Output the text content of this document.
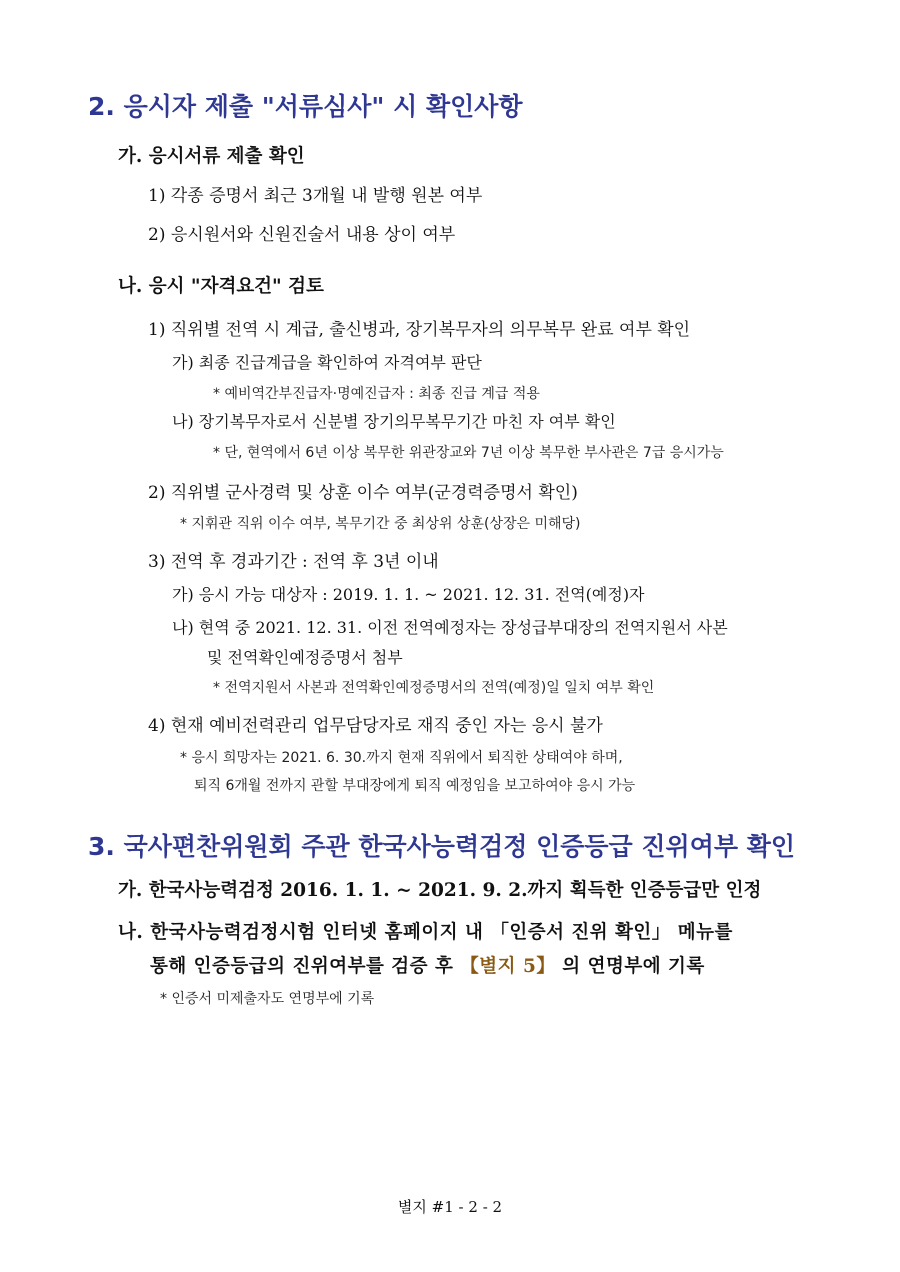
2. 응시자 제출 "서류심사" 시 확인사항
가. 응시서류 제출 확인
1) 각종 증명서 최근 3개월 내 발행 원본 여부
2) 응시원서와 신원진술서 내용 상이 여부
나. 응시 "자격요건" 검토
1) 직위별 전역 시 계급, 출신병과, 장기복무자의 의무복무 완료 여부 확인
가) 최종 진급계급을 확인하여 자격여부 판단
* 예비역간부진급자·명예진급자 : 최종 진급 계급 적용
나) 장기복무자로서 신분별 장기의무복무기간 마친 자 여부 확인
* 단, 현역에서 6년 이상 복무한 위관장교와 7년 이상 복무한 부사관은 7급 응시가능
2) 직위별 군사경력 및 상훈 이수 여부(군경력증명서 확인)
* 지휘관 직위 이수 여부, 복무기간 중 최상위 상훈(상장은 미해당)
3) 전역 후 경과기간 : 전역 후 3년 이내
가) 응시 가능 대상자 : 2019. 1. 1. ~ 2021. 12. 31. 전역(예정)자
나) 현역 중 2021. 12. 31. 이전 전역예정자는 장성급부대장의 전역지원서 사본
및 전역확인예정증명서 첨부
* 전역지원서 사본과 전역확인예정증명서의 전역(예정)일 일치 여부 확인
4) 현재 예비전력관리 업무담당자로 재직 중인 자는 응시 불가
* 응시 희망자는 2021. 6. 30.까지 현재 직위에서 퇴직한 상태여야 하며,
퇴직 6개월 전까지 관할 부대장에게 퇴직 예정임을 보고하여야 응시 가능
3. 국사편찬위원회 주관 한국사능력검정 인증등급 진위여부 확인
가. 한국사능력검정 2016. 1. 1. ~ 2021. 9. 2.까지 획득한 인증등급만 인정
나. 한국사능력검정시험 인터넷 홈페이지 내 「인증서 진위 확인」 메뉴를
통해 인증등급의 진위여부를 검증 후 【별지 5】 의 연명부에 기록
* 인증서 미제출자도 연명부에 기록
별지 #1 - 2 - 2
